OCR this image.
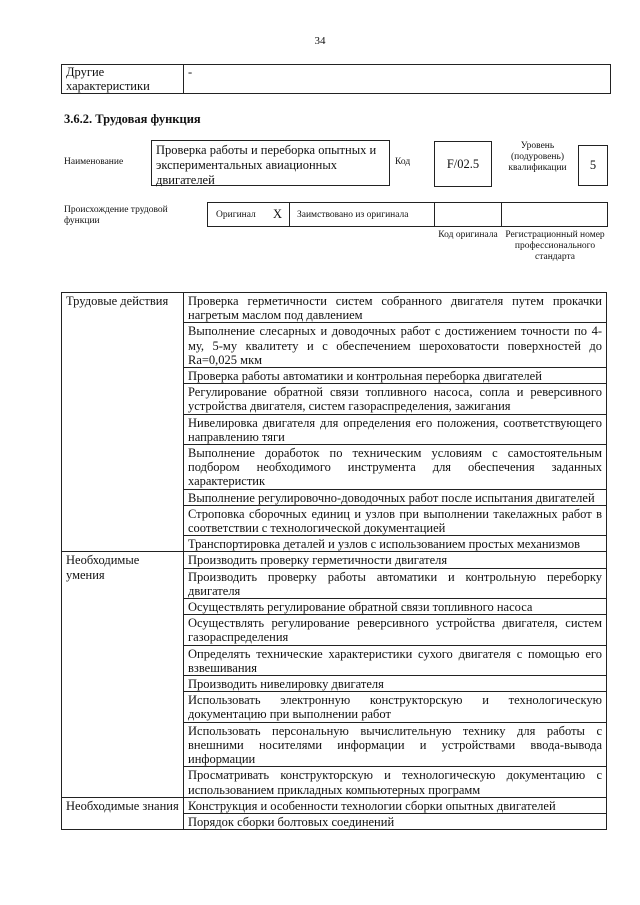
34
Другие характеристики	-
3.6.2. Трудовая функция
Наименование
Проверка работы и переборка опытных и экспериментальных авиационных двигателей
Код	F/02.5
Уровень (подуровень) квалификации	5
Происхождение трудовой функции
Оригинал X Заимствовано из оригинала
Код оригинала Регистрационный номер профессионального стандарта
Трудовые действия	Проверка герметичности систем собранного двигателя путем прокачки нагретым маслом под давлением
	Выполнение слесарных и доводочных работ с достижением точности по 4-му, 5-му квалитету и с обеспечением шероховатости поверхностей до Ra=0,025 мкм
	Проверка работы автоматики и контрольная переборка двигателей
	Регулирование обратной связи топливного насоса, сопла и реверсивного устройства двигателя, систем газораспределения, зажигания
	Нивелировка двигателя для определения его положения, соответствующего направлению тяги
	Выполнение доработок по техническим условиям с самостоятельным подбором необходимого инструмента для обеспечения заданных характеристик
	Выполнение регулировочно-доводочных работ после испытания двигателей
	Строповка сборочных единиц и узлов при выполнении такелажных работ в соответствии с технологической документацией
	Транспортировка деталей и узлов с использованием простых механизмов
Необходимые умения	Производить проверку герметичности двигателя
	Производить проверку работы автоматики и контрольную переборку двигателя
	Осуществлять регулирование обратной связи топливного насоса
	Осуществлять регулирование реверсивного устройства двигателя, систем газораспределения
	Определять технические характеристики сухого двигателя с помощью его взвешивания
	Производить нивелировку двигателя
	Использовать электронную конструкторскую и технологическую документацию при выполнении работ
	Использовать персональную вычислительную технику для работы с внешними носителями информации и устройствами ввода-вывода информации
	Просматривать конструкторскую и технологическую документацию с использованием прикладных компьютерных программ
Необходимые знания	Конструкция и особенности технологии сборки опытных двигателей
	Порядок сборки болтовых соединений
